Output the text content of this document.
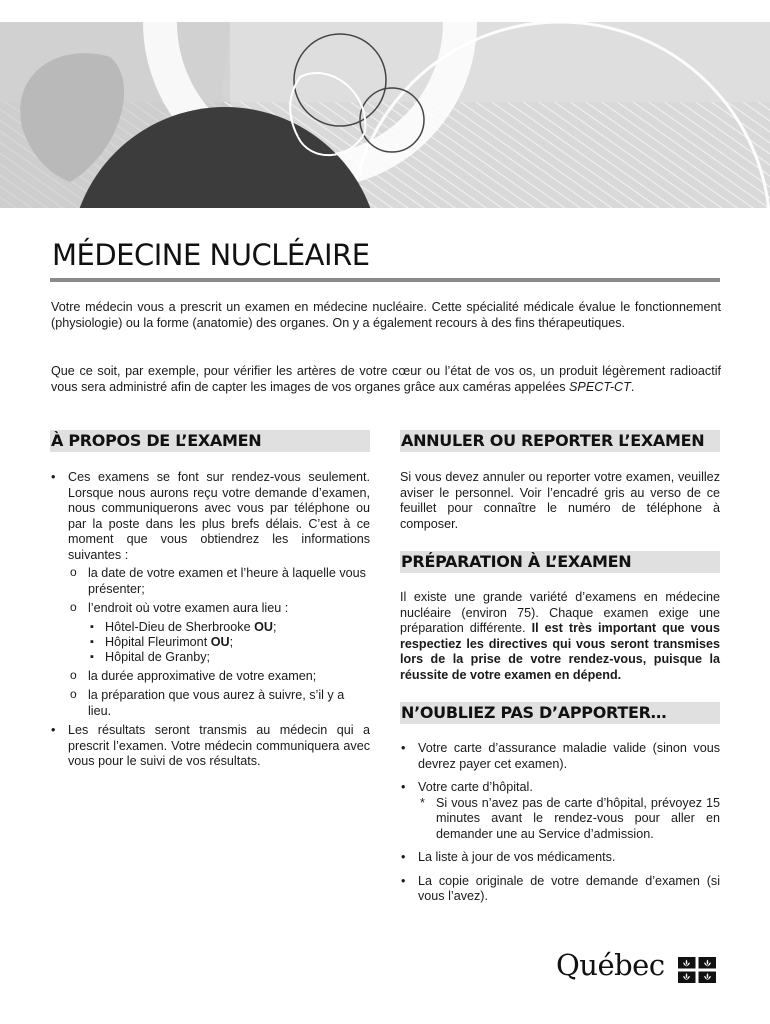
MÉDECINE NUCLÉAIRE

Votre médecin vous a prescrit un examen en médecine nucléaire. Cette spécialité médicale évalue le fonctionnement (physiologie) ou la forme (anatomie) des organes. On y a également recours à des fins thérapeutiques.

Que ce soit, par exemple, pour vérifier les artères de votre cœur ou l’état de vos os, un produit légèrement radioactif vous sera administré afin de capter les images de vos organes grâce aux caméras appelées SPECT-CT.

À PROPOS DE L’EXAMEN
• Ces examens se font sur rendez-vous seulement. Lorsque nous aurons reçu votre demande d’examen, nous communiquerons avec vous par téléphone ou par la poste dans les plus brefs délais. C’est à ce moment que vous obtiendrez les informations suivantes :
o la date de votre examen et l’heure à laquelle vous présenter;
o l’endroit où votre examen aura lieu :
▪ Hôtel-Dieu de Sherbrooke OU;
▪ Hôpital Fleurimont OU;
▪ Hôpital de Granby;
o la durée approximative de votre examen;
o la préparation que vous aurez à suivre, s’il y a lieu.
• Les résultats seront transmis au médecin qui a prescrit l’examen. Votre médecin communiquera avec vous pour le suivi de vos résultats.
ANNULER OU REPORTER L’EXAMEN

Si vous devez annuler ou reporter votre examen, veuillez aviser le personnel. Voir l’encadré gris au verso de ce feuillet pour connaître le numéro de téléphone à composer.

PRÉPARATION À L’EXAMEN

Il existe une grande variété d’examens en médecine nucléaire (environ 75). Chaque examen exige une préparation différente. Il est très important que vous respectiez les directives qui vous seront transmises lors de la prise de votre rendez-vous, puisque la réussite de votre examen en dépend.

N’OUBLIEZ PAS D’APPORTER…
• Votre carte d’assurance maladie valide (sinon vous devrez payer cet examen).
• Votre carte d’hôpital.
* Si vous n’avez pas de carte d’hôpital, prévoyez 15 minutes avant le rendez-vous pour aller en demander une au Service d’admission.
• La liste à jour de vos médicaments.
• La copie originale de votre demande d’examen (si vous l’avez).
Québec
